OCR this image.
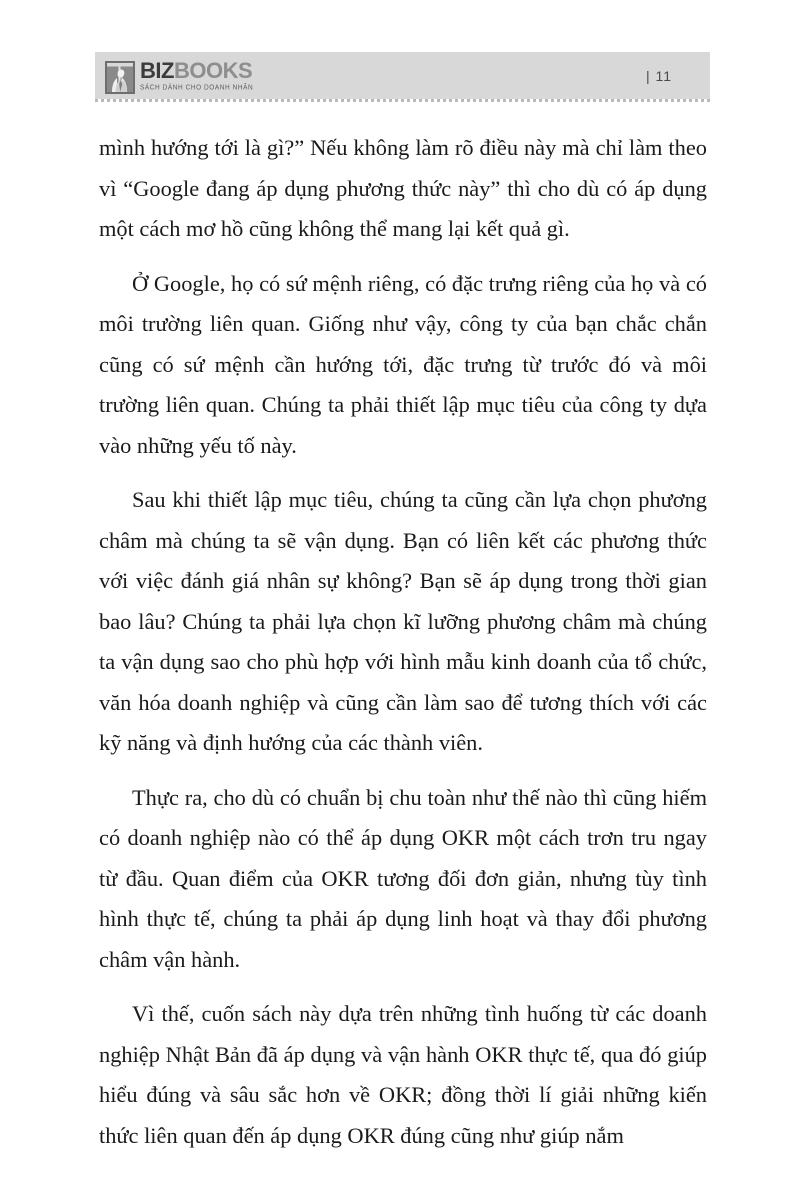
BIZBOOKS
SÁCH DÀNH CHO DOANH NHÂN
| 11

mình hướng tới là gì?” Nếu không làm rõ điều này mà chỉ làm theo vì “Google đang áp dụng phương thức này” thì cho dù có áp dụng một cách mơ hồ cũng không thể mang lại kết quả gì.

Ở Google, họ có sứ mệnh riêng, có đặc trưng riêng của họ và có môi trường liên quan. Giống như vậy, công ty của bạn chắc chắn cũng có sứ mệnh cần hướng tới, đặc trưng từ trước đó và môi trường liên quan. Chúng ta phải thiết lập mục tiêu của công ty dựa vào những yếu tố này.

Sau khi thiết lập mục tiêu, chúng ta cũng cần lựa chọn phương châm mà chúng ta sẽ vận dụng. Bạn có liên kết các phương thức với việc đánh giá nhân sự không? Bạn sẽ áp dụng trong thời gian bao lâu? Chúng ta phải lựa chọn kĩ lưỡng phương châm mà chúng ta vận dụng sao cho phù hợp với hình mẫu kinh doanh của tổ chức, văn hóa doanh nghiệp và cũng cần làm sao để tương thích với các kỹ năng và định hướng của các thành viên.

Thực ra, cho dù có chuẩn bị chu toàn như thế nào thì cũng hiếm có doanh nghiệp nào có thể áp dụng OKR một cách trơn tru ngay từ đầu. Quan điểm của OKR tương đối đơn giản, nhưng tùy tình hình thực tế, chúng ta phải áp dụng linh hoạt và thay đổi phương châm vận hành.

Vì thế, cuốn sách này dựa trên những tình huống từ các doanh nghiệp Nhật Bản đã áp dụng và vận hành OKR thực tế, qua đó giúp hiểu đúng và sâu sắc hơn về OKR; đồng thời lí giải những kiến thức liên quan đến áp dụng OKR đúng cũng như giúp nắm
